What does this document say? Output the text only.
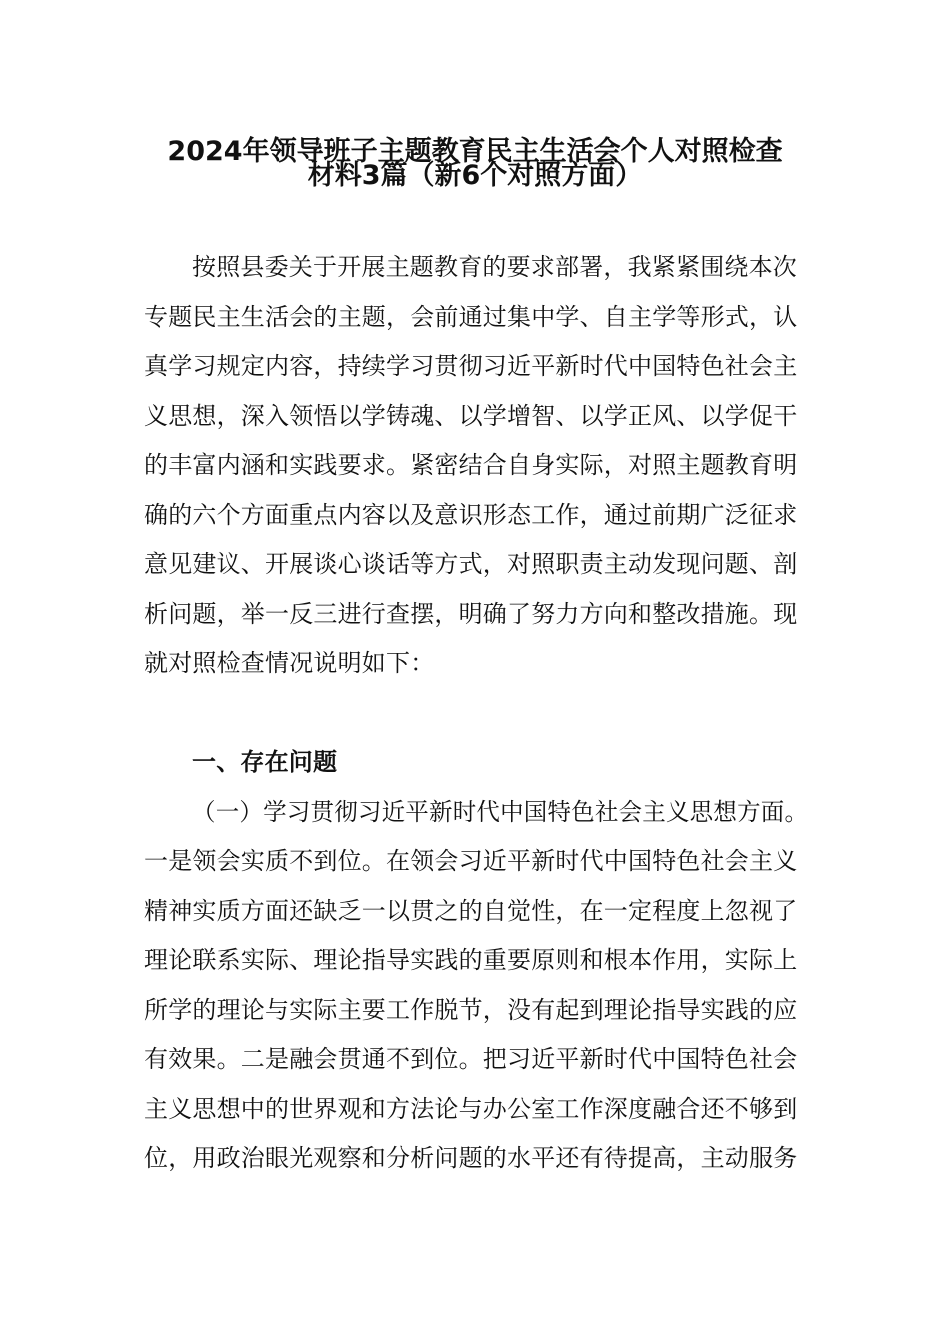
2024年领导班子主题教育民主生活会个人对照检查
材料3篇（新6个对照方面）
按照县委关于开展主题教育的要求部署，我紧紧围绕本次
专题民主生活会的主题，会前通过集中学、自主学等形式，认
真学习规定内容，持续学习贯彻习近平新时代中国特色社会主
义思想，深入领悟以学铸魂、以学增智、以学正风、以学促干
的丰富内涵和实践要求。紧密结合自身实际，对照主题教育明
确的六个方面重点内容以及意识形态工作，通过前期广泛征求
意见建议、开展谈心谈话等方式，对照职责主动发现问题、剖
析问题，举一反三进行查摆，明确了努力方向和整改措施。现
就对照检查情况说明如下：
一、存在问题
（一）学习贯彻习近平新时代中国特色社会主义思想方面。
一是领会实质不到位。在领会习近平新时代中国特色社会主义
精神实质方面还缺乏一以贯之的自觉性，在一定程度上忽视了
理论联系实际、理论指导实践的重要原则和根本作用，实际上
所学的理论与实际主要工作脱节，没有起到理论指导实践的应
有效果。二是融会贯通不到位。把习近平新时代中国特色社会
主义思想中的世界观和方法论与办公室工作深度融合还不够到
位，用政治眼光观察和分析问题的水平还有待提高，主动服务
